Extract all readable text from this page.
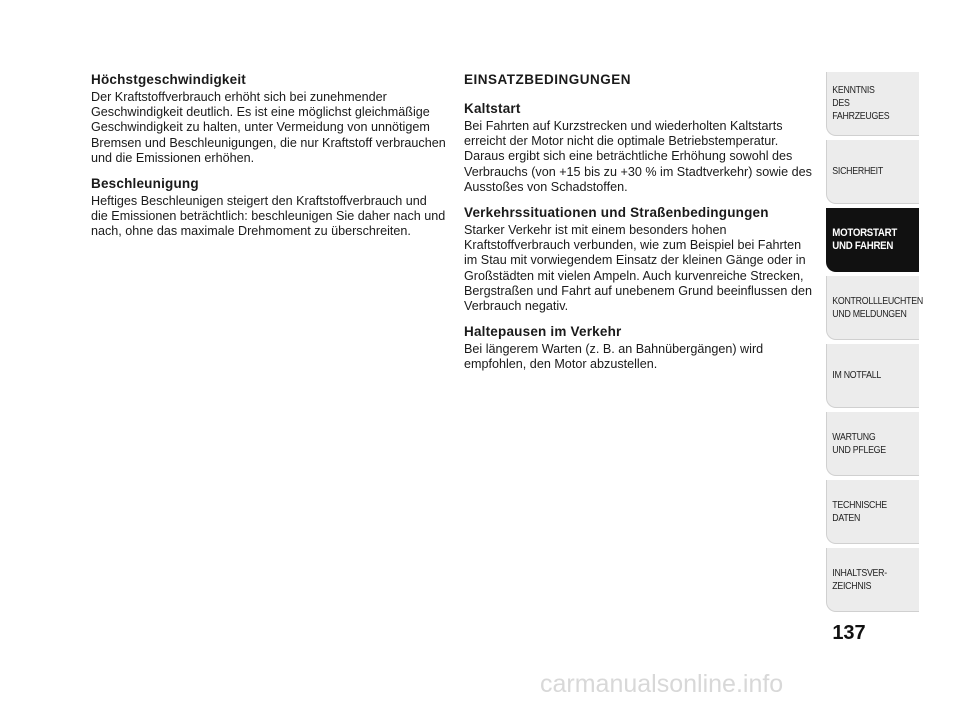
Höchstgeschwindigkeit
Der Kraftstoffverbrauch erhöht sich bei zunehmender Geschwindigkeit deutlich. Es ist eine möglichst gleichmäßige Geschwindigkeit zu halten, unter Vermeidung von unnötigem Bremsen und Beschleunigungen, die nur Kraftstoff verbrauchen und die Emissionen erhöhen.
Beschleunigung
Heftiges Beschleunigen steigert den Kraftstoffverbrauch und die Emissionen beträchtlich: beschleunigen Sie daher nach und nach, ohne das maximale Drehmoment zu überschreiten.
EINSATZBEDINGUNGEN
Kaltstart
Bei Fahrten auf Kurzstrecken und wiederholten Kaltstarts erreicht der Motor nicht die optimale Betriebstemperatur. Daraus ergibt sich eine beträchtliche Erhöhung sowohl des Verbrauchs (von +15 bis zu +30 % im Stadtverkehr) sowie des Ausstoßes von Schadstoffen.
Verkehrssituationen und Straßenbedingungen
Starker Verkehr ist mit einem besonders hohen Kraftstoffverbrauch verbunden, wie zum Beispiel bei Fahrten im Stau mit vorwiegendem Einsatz der kleinen Gänge oder in Großstädten mit vielen Ampeln. Auch kurvenreiche Strecken, Bergstraßen und Fahrt auf unebenem Grund beeinflussen den Verbrauch negativ.
Haltepausen im Verkehr
Bei längerem Warten (z. B. an Bahnübergängen) wird empfohlen, den Motor abzustellen.
KENNTNIS
DES FAHRZEUGES
SICHERHEIT
MOTORSTART
UND FAHREN
KONTROLLLEUCHTEN
UND MELDUNGEN
IM NOTFALL
WARTUNG
UND PFLEGE
TECHNISCHE
DATEN
INHALTSVER-
ZEICHNIS
137
carmanualsonline.info
